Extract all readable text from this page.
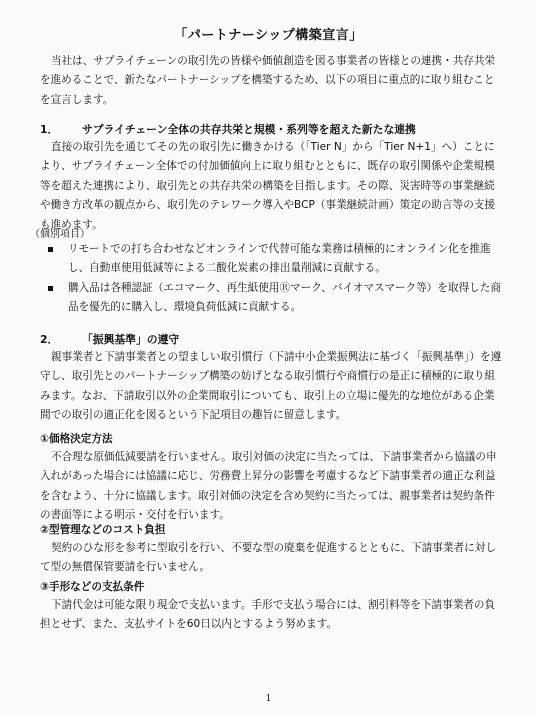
「パートナーシップ構築宣言」
当社は、サプライチェーンの取引先の皆様や価値創造を図る事業者の皆様との連携・共存共栄を進めることで、新たなパートナーシップを構築するため、以下の項目に重点的に取り組むことを宣言します。
1． サプライチェーン全体の共存共栄と規模・系列等を超えた新たな連携
直接の取引先を通じてその先の取引先に働きかける（「Tier N」から「Tier N+1」へ）ことにより、サプライチェーン全体での付加価値向上に取り組むとともに、既存の取引関係や企業規模等を超えた連携により、取引先との共存共栄の構築を目指します。その際、災害時等の事業継続や働き方改革の観点から、取引先のテレワーク導入やBCP（事業継続計画）策定の助言等の支援も進めます。
（個別項目）
リモートでの打ち合わせなどオンラインで代替可能な業務は積極的にオンライン化を推進し、自動車使用低減等による二酸化炭素の排出量削減に貢献する。
購入品は各種認証（エコマーク、再生紙使用Ⓡマーク、バイオマスマーク等）を取得した商品を優先的に購入し、環境負荷低減に貢献する。
2． 「振興基準」の遵守
親事業者と下請事業者との望ましい取引慣行（下請中小企業振興法に基づく「振興基準」）を遵守し、取引先とのパートナーシップ構築の妨げとなる取引慣行や商慣行の是正に積極的に取り組みます。なお、下請取引以外の企業間取引についても、取引上の立場に優先的な地位がある企業間での取引の適正化を図るという下記項目の趣旨に留意します。
①価格決定方法
不合理な原価低減要請を行いません。取引対価の決定に当たっては、下請事業者から協議の申入れがあった場合には協議に応じ、労務費上昇分の影響を考慮するなど下請事業者の適正な利益を含むよう、十分に協議します。取引対価の決定を含め契約に当たっては、親事業者は契約条件の書面等による明示・交付を行います。
②型管理などのコスト負担
契約のひな形を参考に型取引を行い、不要な型の廃棄を促進するとともに、下請事業者に対して型の無償保管要請を行いません。
③手形などの支払条件
下請代金は可能な限り現金で支払います。手形で支払う場合には、割引料等を下請事業者の負担とせず、また、支払サイトを60日以内とするよう努めます。
1
